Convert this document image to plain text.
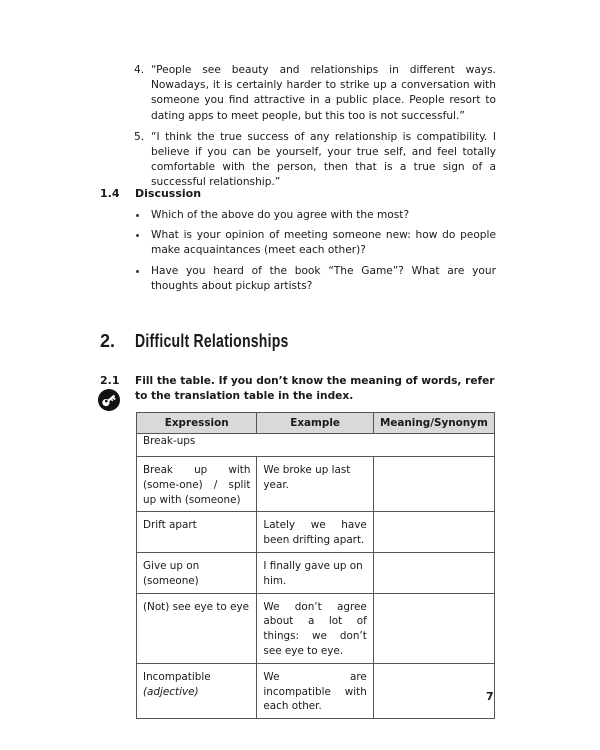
4. “People see beauty and relationships in different ways. Nowadays, it is certainly harder to strike up a conversation with someone you find attractive in a public place. People resort to dating apps to meet people, but this too is not successful.”
5. “I think the true success of any relationship is compatibility. I believe if you can be yourself, your true self, and feel totally comfortable with the person, then that is a true sign of a successful relationship.”
1.4 Discussion
Which of the above do you agree with the most?
What is your opinion of meeting someone new: how do people make acquaintances (meet each other)?
Have you heard of the book “The Game”? What are your thoughts about pickup artists?
2. Difficult Relationships
2.1 Fill the table. If you don’t know the meaning of words, refer to the translation table in the index.
Expression	Example	Meaning/Synonym
Break-ups		
Break up with (some-one) / split up with (someone)	We broke up last year.	
Drift apart	Lately we have been drifting apart.	
Give up on (someone)	I finally gave up on him.	
(Not) see eye to eye	We don’t agree about a lot of things: we don’t see eye to eye.	
Incompatible (adjective)	We are incompatible with each other.	
7
